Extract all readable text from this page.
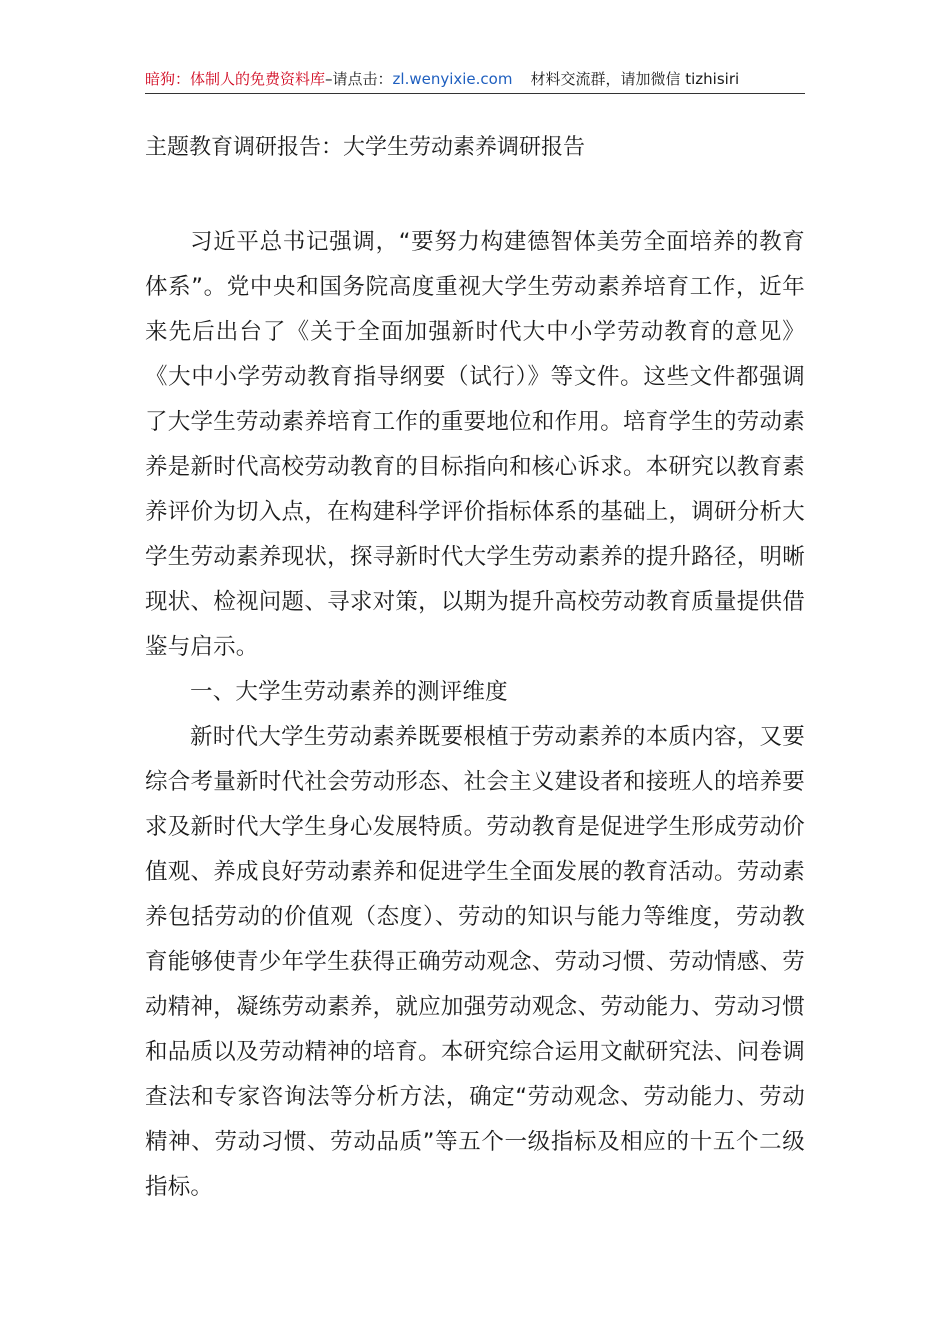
暗狗：体制人的免费资料库–请点击：zl.wenyixie.com 材料交流群，请加微信 tizhisiri
主题教育调研报告：大学生劳动素养调研报告

习近平总书记强调，“要努力构建德智体美劳全面培养的教育体系”。党中央和国务院高度重视大学生劳动素养培育工作，近年来先后出台了《关于全面加强新时代大中小学劳动教育的意见》《大中小学劳动教育指导纲要（试行）》等文件。这些文件都强调了大学生劳动素养培育工作的重要地位和作用。培育学生的劳动素养是新时代高校劳动教育的目标指向和核心诉求。本研究以教育素养评价为切入点，在构建科学评价指标体系的基础上，调研分析大学生劳动素养现状，探寻新时代大学生劳动素养的提升路径，明晰现状、检视问题、寻求对策，以期为提升高校劳动教育质量提供借鉴与启示。

一、大学生劳动素养的测评维度

新时代大学生劳动素养既要根植于劳动素养的本质内容，又要综合考量新时代社会劳动形态、社会主义建设者和接班人的培养要求及新时代大学生身心发展特质。劳动教育是促进学生形成劳动价值观、养成良好劳动素养和促进学生全面发展的教育活动。劳动素养包括劳动的价值观（态度）、劳动的知识与能力等维度，劳动教育能够使青少年学生获得正确劳动观念、劳动习惯、劳动情感、劳动精神，凝练劳动素养，就应加强劳动观念、劳动能力、劳动习惯和品质以及劳动精神的培育。本研究综合运用文献研究法、问卷调查法和专家咨询法等分析方法，确定“劳动观念、劳动能力、劳动精神、劳动习惯、劳动品质”等五个一级指标及相应的十五个二级指标。
